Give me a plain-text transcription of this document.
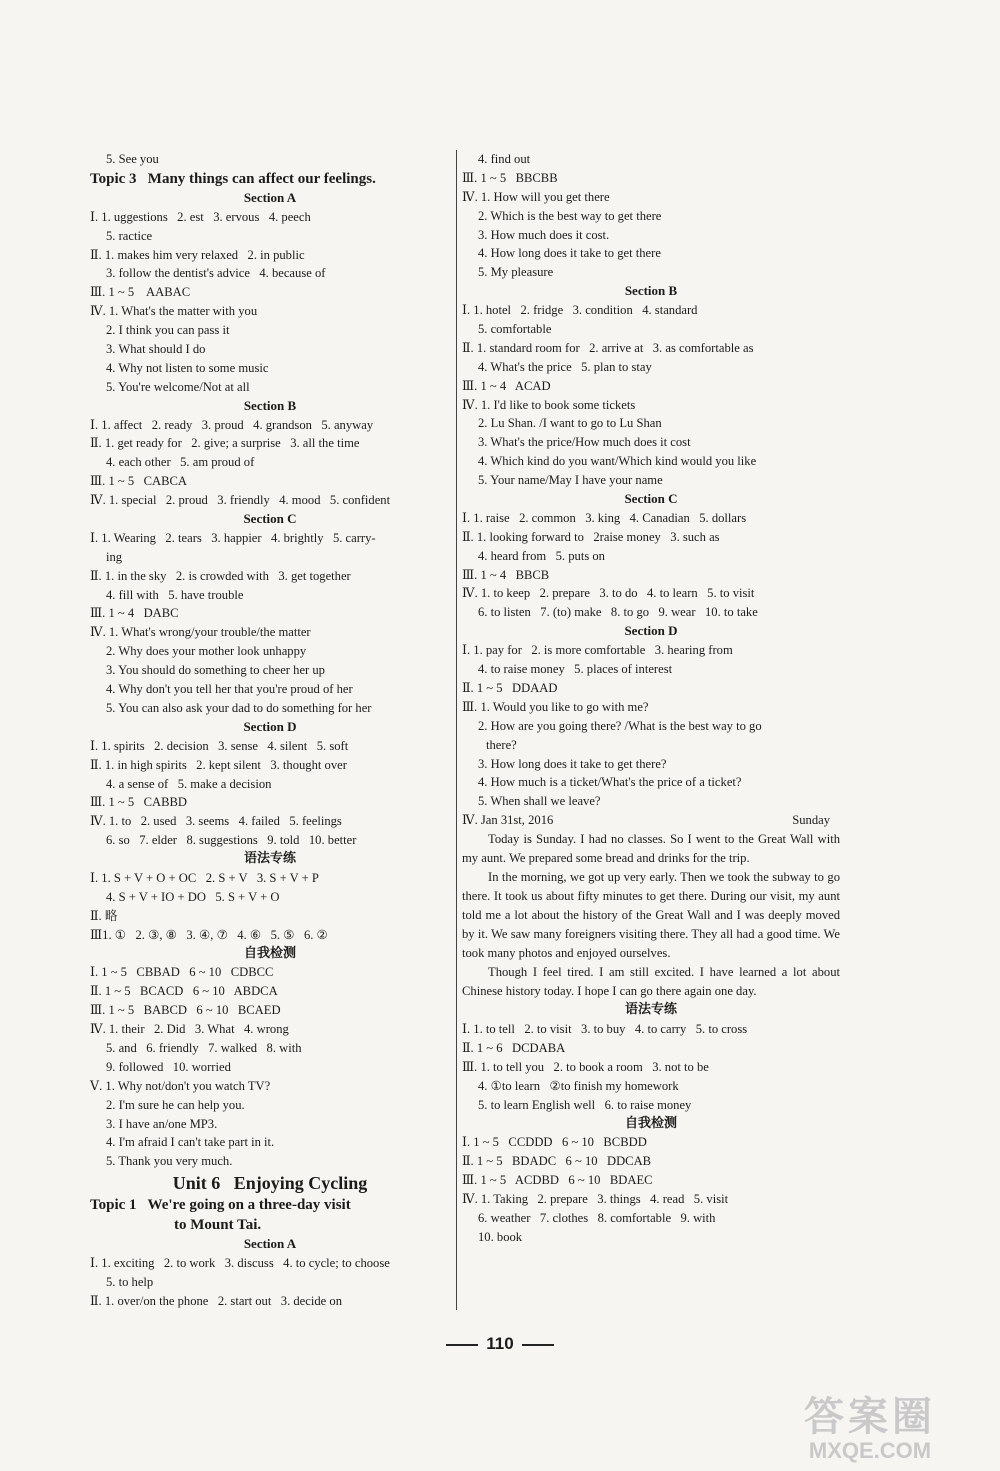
5. See you
Topic 3   Many things can affect our feelings.
Section A
Ⅰ. 1. uggestions   2. est   3. ervous   4. peech
5. ractice
Ⅱ. 1. makes him very relaxed   2. in public
3. follow the dentist's advice   4. because of
Ⅲ. 1 ~ 5    AABAC
Ⅳ. 1. What's the matter with you
2. I think you can pass it
3. What should I do
4. Why not listen to some music
5. You're welcome/Not at all
Section B
Ⅰ. 1. affect   2. ready   3. proud   4. grandson   5. anyway
Ⅱ. 1. get ready for   2. give; a surprise   3. all the time
4. each other   5. am proud of
Ⅲ. 1 ~ 5   CABCA
Ⅳ. 1. special   2. proud   3. friendly   4. mood   5. confident
Section C
Ⅰ. 1. Wearing   2. tears   3. happier   4. brightly   5. carry-
ing
Ⅱ. 1. in the sky   2. is crowded with   3. get together
4. fill with   5. have trouble
Ⅲ. 1 ~ 4   DABC
Ⅳ. 1. What's wrong/your trouble/the matter
2. Why does your mother look unhappy
3. You should do something to cheer her up
4. Why don't you tell her that you're proud of her
5. You can also ask your dad to do something for her
Section D
Ⅰ. 1. spirits   2. decision   3. sense   4. silent   5. soft
Ⅱ. 1. in high spirits   2. kept silent   3. thought over
4. a sense of   5. make a decision
Ⅲ. 1 ~ 5   CABBD
Ⅳ. 1. to   2. used   3. seems   4. failed   5. feelings
6. so   7. elder   8. suggestions   9. told   10. better
语法专练
Ⅰ. 1. S + V + O + OC   2. S + V   3. S + V + P
4. S + V + IO + DO   5. S + V + O
Ⅱ. 略
Ⅲ1. ①   2. ③, ⑧   3. ④, ⑦   4. ⑥   5. ⑤   6. ②
自我检测
Ⅰ. 1 ~ 5   CBBAD   6 ~ 10   CDBCC
Ⅱ. 1 ~ 5   BCACD   6 ~ 10   ABDCA
Ⅲ. 1 ~ 5   BABCD   6 ~ 10   BCAED
Ⅳ. 1. their   2. Did   3. What   4. wrong
5. and   6. friendly   7. walked   8. with
9. followed   10. worried
Ⅴ. 1. Why not/don't you watch TV?
2. I'm sure he can help you.
3. I have an/one MP3.
4. I'm afraid I can't take part in it.
5. Thank you very much.
Unit 6   Enjoying Cycling
Topic 1   We're going on a three-day visit
to Mount Tai.
Section A
Ⅰ. 1. exciting   2. to work   3. discuss   4. to cycle; to choose
5. to help
Ⅱ. 1. over/on the phone   2. start out   3. decide on
4. find out
Ⅲ. 1 ~ 5   BBCBB
Ⅳ. 1. How will you get there
2. Which is the best way to get there
3. How much does it cost.
4. How long does it take to get there
5. My pleasure
Section B
Ⅰ. 1. hotel   2. fridge   3. condition   4. standard
5. comfortable
Ⅱ. 1. standard room for   2. arrive at   3. as comfortable as
4. What's the price   5. plan to stay
Ⅲ. 1 ~ 4   ACAD
Ⅳ. 1. I'd like to book some tickets
2. Lu Shan. /I want to go to Lu Shan
3. What's the price/How much does it cost
4. Which kind do you want/Which kind would you like
5. Your name/May I have your name
Section C
Ⅰ. 1. raise   2. common   3. king   4. Canadian   5. dollars
Ⅱ. 1. looking forward to   2raise money   3. such as
4. heard from   5. puts on
Ⅲ. 1 ~ 4   BBCB
Ⅳ. 1. to keep   2. prepare   3. to do   4. to learn   5. to visit
6. to listen   7. (to) make   8. to go   9. wear   10. to take
Section D
Ⅰ. 1. pay for   2. is more comfortable   3. hearing from
4. to raise money   5. places of interest
Ⅱ. 1 ~ 5   DDAAD
Ⅲ. 1. Would you like to go with me?
2. How are you going there? /What is the best way to go
there?
3. How long does it take to get there?
4. How much is a ticket/What's the price of a ticket?
5. When shall we leave?
Ⅳ. Jan 31st, 2016	Sunday

Today is Sunday. I had no classes. So I went to the Great Wall with my aunt. We prepared some bread and drinks for the trip.

In the morning, we got up very early. Then we took the subway to go there. It took us about fifty minutes to get there. During our visit, my aunt told me a lot about the history of the Great Wall and I was deeply moved by it. We saw many foreigners visiting there. They all had a good time. We took many photos and enjoyed ourselves.

Though I feel tired. I am still excited. I have learned a lot about Chinese history today. I hope I can go there again one day.

语法专练
Ⅰ. 1. to tell   2. to visit   3. to buy   4. to carry   5. to cross
Ⅱ. 1 ~ 6   DCDABA
Ⅲ. 1. to tell you   2. to book a room   3. not to be
4. ①to learn   ②to finish my homework
5. to learn English well   6. to raise money
自我检测
Ⅰ. 1 ~ 5   CCDDD   6 ~ 10   BCBDD
Ⅱ. 1 ~ 5   BDADC   6 ~ 10   DDCAB
Ⅲ. 1 ~ 5   ACDBD   6 ~ 10   BDAEC
Ⅳ. 1. Taking   2. prepare   3. things   4. read   5. visit
6. weather   7. clothes   8. comfortable   9. with
10. book
110
答案圈
MXQE.COM
